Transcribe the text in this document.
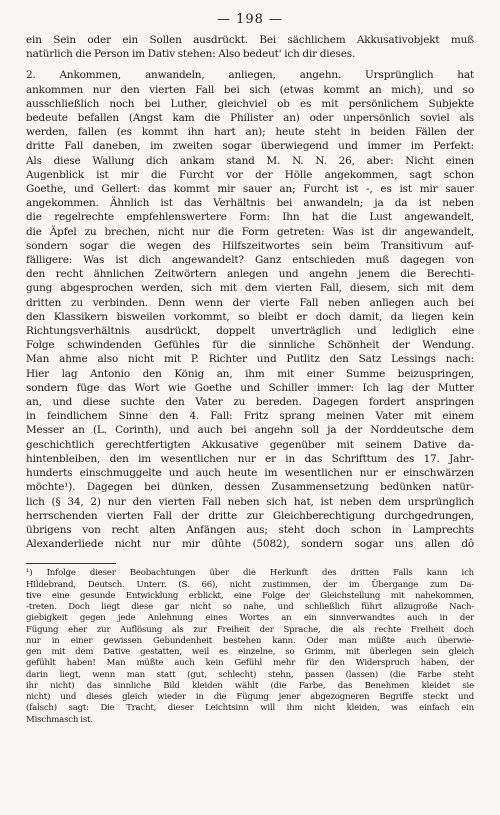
— 198 —

ein Sein oder ein Sollen ausdrückt. Bei sächlichem Akkusativobjekt muß

natürlich die Person im Dativ stehen: Also bedeut' ich dir dieses.

2. Ankommen, anwandeln, anliegen, angehn. Ursprünglich hat

ankommen nur den vierten Fall bei sich (etwas kommt an mich), und so

ausschließlich noch bei Luther, gleichviel ob es mit persönlichem Subjekte

bedeute befallen (Angst kam die Philister an) oder unpersönlich soviel als

werden, fallen (es kommt ihn hart an); heute steht in beiden Fällen der

dritte Fall daneben, im zweiten sogar überwiegend und immer im Perfekt:

Als diese Wallung dich ankam stand M. N. N. 26, aber: Nicht einen

Augenblick ist mir die Furcht vor der Hölle angekommen, sagt schon

Goethe, und Gellert: das kommt mir sauer an; Furcht ist -, es ist mir sauer

angekommen. Ähnlich ist das Verhältnis bei anwandeln; ja da ist neben

die regelrechte empfehlenswertere Form: Ihn hat die Lust angewandelt,

die Äpfel zu brechen, nicht nur die Form getreten: Was ist dir angewandelt,

sondern sogar die wegen des Hilfszeitwortes sein beim Transitivum auf-

fälligere: Was ist dich angewandelt? Ganz entschieden muß dagegen von

den recht ähnlichen Zeitwörtern anlegen und angehn jenem die Berechti-

gung abgesprochen werden, sich mit dem vierten Fall, diesem, sich mit dem

dritten zu verbinden. Denn wenn der vierte Fall neben anliegen auch bei

den Klassikern bisweilen vorkommt, so bleibt er doch damit, da liegen kein

Richtungsverhältnis ausdrückt, doppelt unverträglich und lediglich eine

Folge schwindenden Gefühles für die sinnliche Schönheit der Wendung.

Man ahme also nicht mit P. Richter und Putlitz den Satz Lessings nach:

Hier lag Antonio den König an, ihm mit einer Summe beizuspringen,

sondern füge das Wort wie Goethe und Schiller immer: Ich lag der Mutter

an, und diese suchte den Vater zu bereden. Dagegen fordert anspringen

in feindlichem Sinne den 4. Fall: Fritz sprang meinen Vater mit einem

Messer an (L. Corinth), und auch bei angehn soll ja der Norddeutsche dem

geschichtlich gerechtfertigten Akkusative gegenüber mit seinem Dative da-

hintenbleiben, den im wesentlichen nur er in das Schrifttum des 17. Jahr-

hunderts einschmuggelte und auch heute im wesentlichen nur er einschwärzen

möchte¹). Dagegen bei dünken, dessen Zusammensetzung bedünken natür-

lich (§ 34, 2) nur den vierten Fall neben sich hat, ist neben dem ursprünglich

herrschenden vierten Fall der dritte zur Gleichberechtigung durchgedrungen,

übrigens von recht alten Anfängen aus; steht doch schon in Lamprechts

Alexanderliede nicht nur mir dûhte (5082), sondern sogar uns allen dô

¹) Infolge dieser Beobachtungen über die Herkunft des dritten Falls kann ich

Hildebrand, Deutsch. Unterr. (S. 66), nicht zustimmen, der im Übergange zum Da-

tive eine gesunde Entwicklung erblickt, eine Folge der Gleichstellung mit nahekommen,

-treten. Doch liegt diese gar nicht so nahe, und schließlich führt allzugroße Nach-

giebigkeit gegen jede Anlehnung eines Wortes an ein sinnverwandtes auch in der

Fügung eher zur Auflösung als zur Freiheit der Sprache, die als rechte Freiheit doch

nur in einer gewissen Gebundenheit bestehen kann. Oder man müßte auch überwie-

gen mit dem Dative gestatten, weil es einzelne, so Grimm, mit überlegen sein gleich

gefühlt haben! Man müßte auch kein Gefühl mehr für den Widerspruch haben, der

darin liegt, wenn man statt (gut, schlecht) stehn, passen (lassen) (die Farbe steht

ihr nicht) das sinnliche Bild kleiden wählt (die Farbe, das Benehmen kleidet sie

nicht) und dieses gleich wieder in die Fügung jener abgezogneren Begriffe steckt und

(falsch) sagt: Die Tracht, dieser Leichtsinn will ihm nicht kleiden, was einfach ein

Mischmasch ist.
